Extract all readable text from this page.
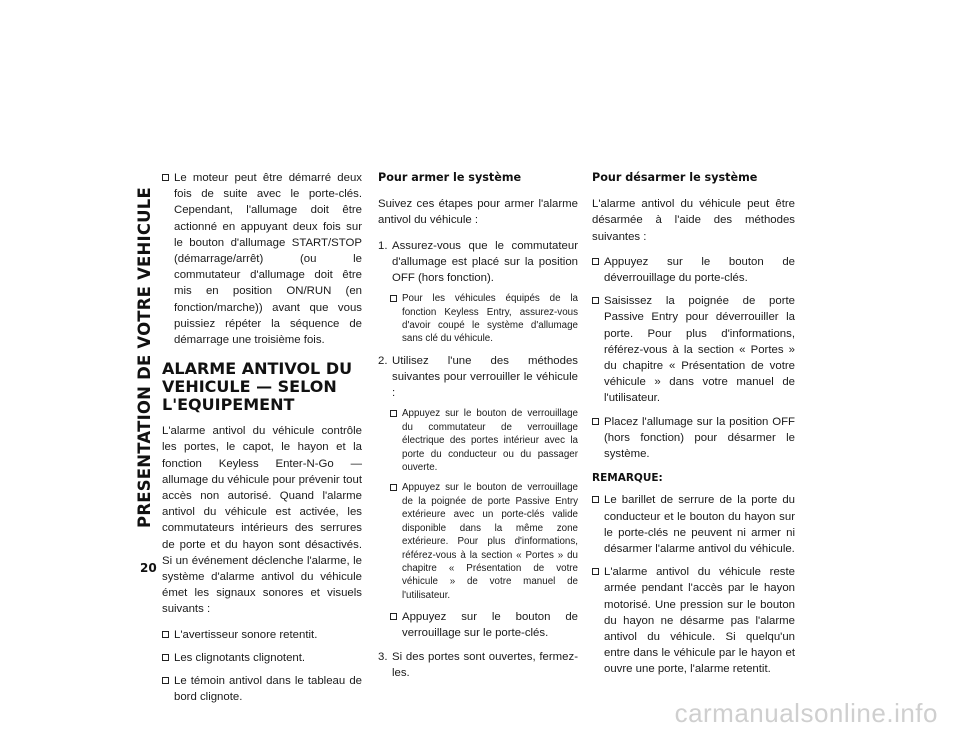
PRESENTATION DE VOTRE VEHICULE
20
Le moteur peut être démarré deux fois de suite avec le porte-clés. Cependant, l'allumage doit être actionné en appuyant deux fois sur le bouton d'allumage START/STOP (démarrage/arrêt) (ou le commutateur d'allumage doit être mis en position ON/RUN (en fonction/marche)) avant que vous puissiez répéter la séquence de démarrage une troisième fois.
ALARME ANTIVOL DU VEHICULE — SELON L'EQUIPEMENT

L'alarme antivol du véhicule contrôle les portes, le capot, le hayon et la fonction Keyless Enter-N-Go — allumage du véhicule pour prévenir tout accès non autorisé. Quand l'alarme antivol du véhicule est activée, les commutateurs intérieurs des serrures de porte et du hayon sont désactivés. Si un événement déclenche l'alarme, le système d'alarme antivol du véhicule émet les signaux sonores et visuels suivants :

L'avertisseur sonore retentit.
Les clignotants clignotent.
Le témoin antivol dans le tableau de bord clignote.
Pour armer le système

Suivez ces étapes pour armer l'alarme antivol du véhicule :

1. Assurez-vous que le commutateur d'allumage est placé sur la position OFF (hors fonction).
Pour les véhicules équipés de la fonction Keyless Entry, assurez-vous d'avoir coupé le système d'allumage sans clé du véhicule.
2. Utilisez l'une des méthodes suivantes pour verrouiller le véhicule :
Appuyez sur le bouton de verrouillage du commutateur de verrouillage électrique des portes intérieur avec la porte du conducteur ou du passager ouverte.
Appuyez sur le bouton de verrouillage de la poignée de porte Passive Entry extérieure avec un porte-clés valide disponible dans la même zone extérieure. Pour plus d'informations, référez-vous à la section « Portes » du chapitre « Présentation de votre véhicule » de votre manuel de l'utilisateur.
Appuyez sur le bouton de verrouillage sur le porte-clés.
3. Si des portes sont ouvertes, fermez-les.
Pour désarmer le système

L'alarme antivol du véhicule peut être désarmée à l'aide des méthodes suivantes :

Appuyez sur le bouton de déverrouillage du porte-clés.
Saisissez la poignée de porte Passive Entry pour déverrouiller la porte. Pour plus d'informations, référez-vous à la section « Portes » du chapitre « Présentation de votre véhicule » dans votre manuel de l'utilisateur.
Placez l'allumage sur la position OFF (hors fonction) pour désarmer le système.
REMARQUE:
Le barillet de serrure de la porte du conducteur et le bouton du hayon sur le porte-clés ne peuvent ni armer ni désarmer l'alarme antivol du véhicule.
L'alarme antivol du véhicule reste armée pendant l'accès par le hayon motorisé. Une pression sur le bouton du hayon ne désarme pas l'alarme antivol du véhicule. Si quelqu'un entre dans le véhicule par le hayon et ouvre une porte, l'alarme retentit.
carmanualsonline.info
